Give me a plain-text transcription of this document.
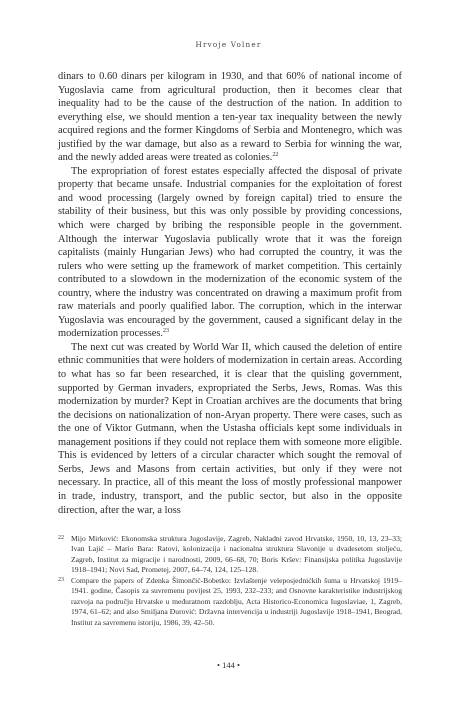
Hrvoje Volner

dinars to 0.60 dinars per kilogram in 1930, and that 60% of national income of Yugoslavia came from agricultural production, then it becomes clear that inequality had to be the cause of the destruction of the nation. In addition to everything else, we should mention a ten-year tax inequality between the newly acquired regions and the former Kingdoms of Serbia and Montenegro, which was justified by the war damage, but also as a reward to Serbia for winning the war, and the newly added areas were treated as colonies.$^{22}$

The expropriation of forest estates especially affected the disposal of private property that became unsafe. Industrial companies for the exploitation of forest and wood processing (largely owned by foreign capital) tried to ensure the stability of their business, but this was only possible by providing concessions, which were charged by bribing the responsible people in the government. Although the interwar Yugoslavia publically wrote that it was the foreign capitalists (mainly Hungarian Jews) who had corrupted the country, it was the rulers who were setting up the framework of market competition. This certainly contributed to a slowdown in the modernization of the economic system of the country, where the industry was concentrated on drawing a maximum profit from raw materials and poorly qualified labor. The corruption, which in the interwar Yugoslavia was encouraged by the government, caused a significant delay in the modernization processes.$^{23}$

The next cut was created by World War II, which caused the deletion of entire ethnic communities that were holders of modernization in certain areas. According to what has so far been researched, it is clear that the quisling government, supported by German invaders, expropriated the Serbs, Jews, Romas. Was this modernization by murder? Kept in Croatian archives are the documents that bring the decisions on nationalization of non-Aryan property. There were cases, such as the one of Viktor Gutmann, when the Ustasha officials kept some individuals in management positions if they could not replace them with someone more eligible. This is evidenced by letters of a circular character which sought the removal of Serbs, Jews and Masons from certain activities, but only if they were not necessary. In practice, all of this meant the loss of mostly professional manpower in trade, industry, transport, and the public sector, but also in the opposite direction, after the war, a loss

22 Mijo Mirković: Ekonomska struktura Jugoslavije, Zagreb, Nakladni zavod Hrvatske, 1950, 10, 13, 23–33; Ivan Lajić – Mario Bara: Ratovi, kolonizacija i nacionalna struktura Slavonije u dvadesetom stoljeću, Zagreb, Institut za migracije i narodnosti, 2009, 66–68, 70; Boris Kršev: Finansijska politika Jugoslavije 1918–1941; Novi Sad, Prometej, 2007, 64–74, 124, 125–128.
23 Compare the papers of Zdenka Šimončić-Bobetko: Izvlaštenje veleposjednićkih šuma u Hrvatskoj 1919–1941. godine, Časopis za suvremenu povijest 25, 1993, 232–233; and Osnovne karakteristike industrijskog razvoja na području Hrvatske u međuratnom razdoblju, Acta Historico-Economica Iugoslaviae, 1, Zagreb, 1974, 61–62; and also Smiljana Đurović: Državna intervencija u industriji Jugoslavije 1918–1941, Beograd, Institut za savremenu istoriju, 1986, 39, 42–50.
• 144 •
